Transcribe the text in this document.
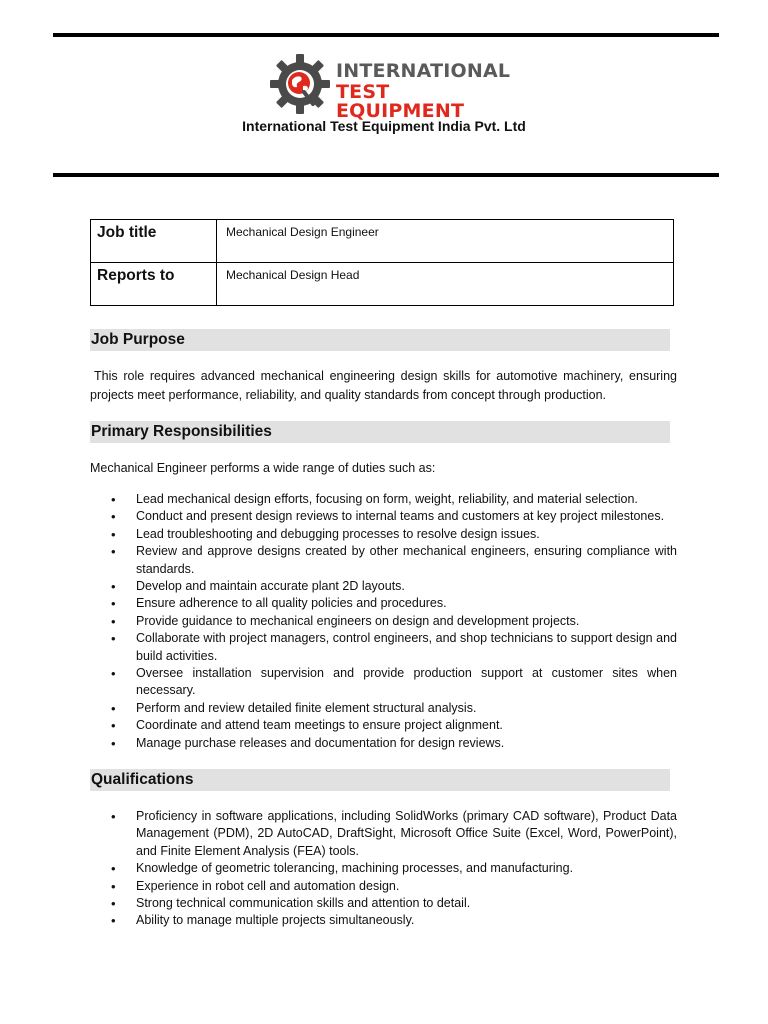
INTERNATIONAL
TEST EQUIPMENT
International Test Equipment India Pvt. Ltd
Job title	Mechanical Design Engineer
Reports to	Mechanical Design Head
Job Purpose
This role requires advanced mechanical engineering design skills for automotive machinery, ensuring projects meet performance, reliability, and quality standards from concept through production.
Primary Responsibilities
Mechanical Engineer performs a wide range of duties such as:
• Lead mechanical design efforts, focusing on form, weight, reliability, and material selection.
• Conduct and present design reviews to internal teams and customers at key project milestones.
• Lead troubleshooting and debugging processes to resolve design issues.
• Review and approve designs created by other mechanical engineers, ensuring compliance with standards.
• Develop and maintain accurate plant 2D layouts.
• Ensure adherence to all quality policies and procedures.
• Provide guidance to mechanical engineers on design and development projects.
• Collaborate with project managers, control engineers, and shop technicians to support design and build activities.
• Oversee installation supervision and provide production support at customer sites when necessary.
• Perform and review detailed finite element structural analysis.
• Coordinate and attend team meetings to ensure project alignment.
• Manage purchase releases and documentation for design reviews.
Qualifications
• Proficiency in software applications, including SolidWorks (primary CAD software), Product Data Management (PDM), 2D AutoCAD, DraftSight, Microsoft Office Suite (Excel, Word, PowerPoint), and Finite Element Analysis (FEA) tools.
• Knowledge of geometric tolerancing, machining processes, and manufacturing.
• Experience in robot cell and automation design.
• Strong technical communication skills and attention to detail.
• Ability to manage multiple projects simultaneously.
